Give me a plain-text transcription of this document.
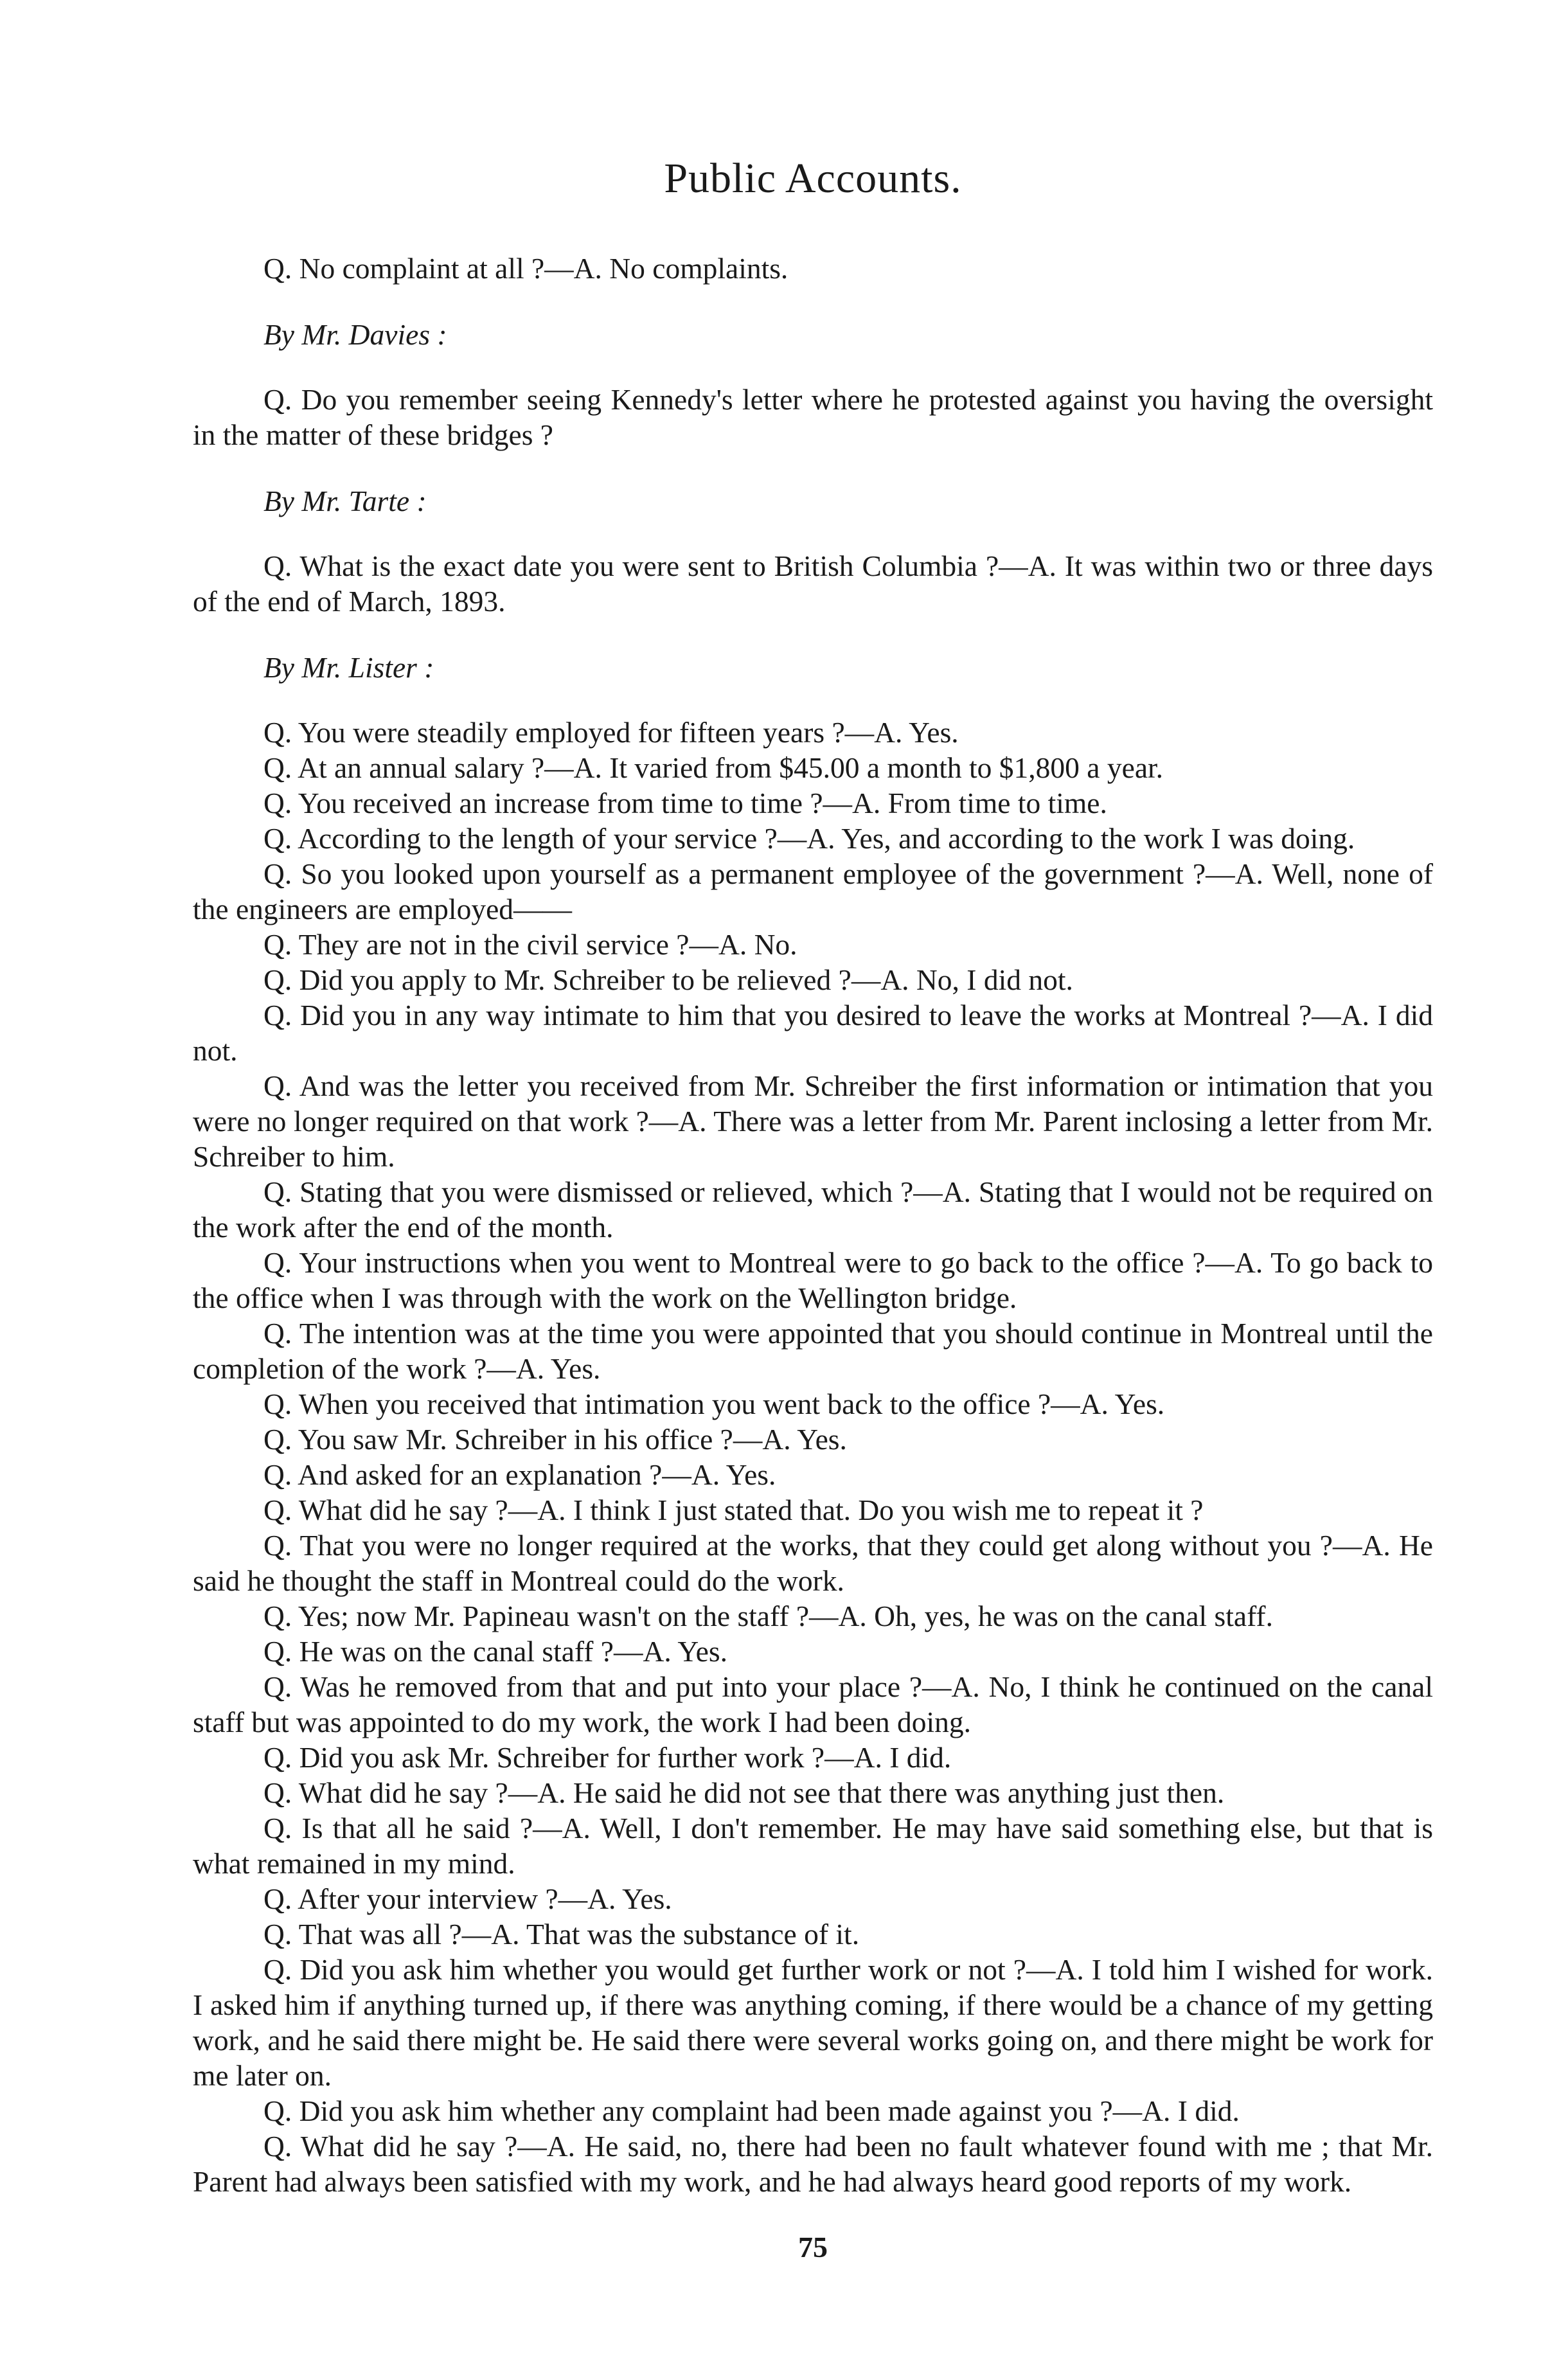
Public Accounts.

Q. No complaint at all ?—A. No complaints.

By Mr. Davies :

Q. Do you remember seeing Kennedy's letter where he protested against you having the oversight in the matter of these bridges ?

By Mr. Tarte :

Q. What is the exact date you were sent to British Columbia ?—A. It was within two or three days of the end of March, 1893.

By Mr. Lister :

Q. You were steadily employed for fifteen years ?—A. Yes.

Q. At an annual salary ?—A. It varied from $45.00 a month to $1,800 a year.

Q. You received an increase from time to time ?—A. From time to time.

Q. According to the length of your service ?—A. Yes, and according to the work I was doing.

Q. So you looked upon yourself as a permanent employee of the government ?—A. Well, none of the engineers are employed——

Q. They are not in the civil service ?—A. No.

Q. Did you apply to Mr. Schreiber to be relieved ?—A. No, I did not.

Q. Did you in any way intimate to him that you desired to leave the works at Montreal ?—A. I did not.

Q. And was the letter you received from Mr. Schreiber the first information or intimation that you were no longer required on that work ?—A. There was a letter from Mr. Parent inclosing a letter from Mr. Schreiber to him.

Q. Stating that you were dismissed or relieved, which ?—A. Stating that I would not be required on the work after the end of the month.

Q. Your instructions when you went to Montreal were to go back to the office ?—A. To go back to the office when I was through with the work on the Wellington bridge.

Q. The intention was at the time you were appointed that you should continue in Montreal until the completion of the work ?—A. Yes.

Q. When you received that intimation you went back to the office ?—A. Yes.

Q. You saw Mr. Schreiber in his office ?—A. Yes.

Q. And asked for an explanation ?—A. Yes.

Q. What did he say ?—A. I think I just stated that. Do you wish me to repeat it ?

Q. That you were no longer required at the works, that they could get along without you ?—A. He said he thought the staff in Montreal could do the work.

Q. Yes; now Mr. Papineau wasn't on the staff ?—A. Oh, yes, he was on the canal staff.

Q. He was on the canal staff ?—A. Yes.

Q. Was he removed from that and put into your place ?—A. No, I think he continued on the canal staff but was appointed to do my work, the work I had been doing.

Q. Did you ask Mr. Schreiber for further work ?—A. I did.

Q. What did he say ?—A. He said he did not see that there was anything just then.

Q. Is that all he said ?—A. Well, I don't remember. He may have said something else, but that is what remained in my mind.

Q. After your interview ?—A. Yes.

Q. That was all ?—A. That was the substance of it.

Q. Did you ask him whether you would get further work or not ?—A. I told him I wished for work. I asked him if anything turned up, if there was anything coming, if there would be a chance of my getting work, and he said there might be. He said there were several works going on, and there might be work for me later on.

Q. Did you ask him whether any complaint had been made against you ?—A. I did.

Q. What did he say ?—A. He said, no, there had been no fault whatever found with me ; that Mr. Parent had always been satisfied with my work, and he had always heard good reports of my work.

75
